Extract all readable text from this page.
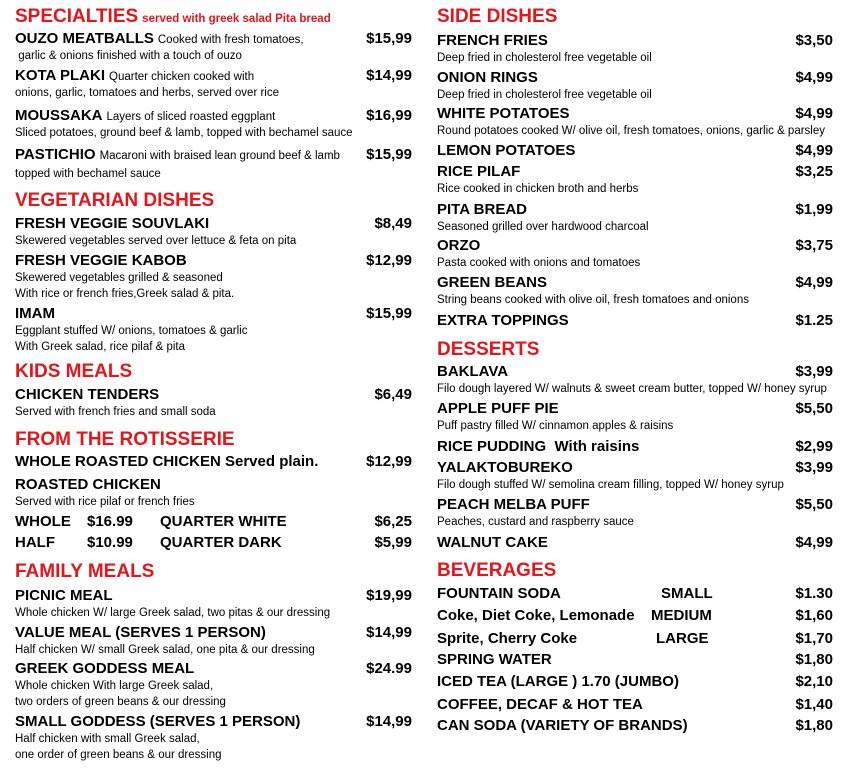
SPECIALTIES served with greek salad Pita bread
OUZO MEATBALLS Cooked with fresh tomatoes,	$15,99
garlic & onions finished with a touch of ouzo
KOTA PLAKI Quarter chicken cooked with	$14,99
onions, garlic, tomatoes and herbs, served over rice
MOUSSAKA Layers of sliced roasted eggplant	$16,99
Sliced potatoes, ground beef & lamb, topped with bechamel sauce
PASTICHIO Macaroni with braised lean ground beef & lamb $15,99
topped with bechamel sauce
VEGETARIAN DISHES
FRESH VEGGIE SOUVLAKI	$8,49
Skewered vegetables served over lettuce & feta on pita
FRESH VEGGIE KABOB	$12,99
Skewered vegetables grilled & seasoned
With rice or french fries,Greek salad & pita.
IMAM	$15,99
Eggplant stuffed W/ onions, tomatoes & garlic
With Greek salad, rice pilaf & pita
KIDS MEALS
CHICKEN TENDERS	$6,49
Served with french fries and small soda
FROM THE ROTISSERIE
WHOLE ROASTED CHICKEN Served plain.	$12,99
ROASTED CHICKEN
Served with rice pilaf or french fries
WHOLE $16.99 QUARTER WHITE	$6,25
HALF $10.99 QUARTER DARK	$5,99
FAMILY MEALS
PICNIC MEAL	$19,99
Whole chicken W/ large Greek salad, two pitas & our dressing
VALUE MEAL (SERVES 1 PERSON)	$14,99
Half chicken W/ small Greek salad, one pita & our dressing
GREEK GODDESS MEAL	$24.99
Whole chicken With large Greek salad,
two orders of green beans & our dressing
SMALL GODDESS (SERVES 1 PERSON)	$14,99
Half chicken with small Greek salad,
one order of green beans & our dressing
SIDE DISHES
FRENCH FRIES	$3,50
Deep fried in cholesterol free vegetable oil
ONION RINGS	$4,99
Deep fried in cholesterol free vegetable oil
WHITE POTATOES	$4,99
Round potatoes cooked W/ olive oil, fresh tomatoes, onions, garlic & parsley
LEMON POTATOES	$4,99
RICE PILAF	$3,25
Rice cooked in chicken broth and herbs
PITA BREAD	$1,99
Seasoned grilled over hardwood charcoal
ORZO	$3,75
Pasta cooked with onions and tomatoes
GREEN BEANS	$4,99
String beans cooked with olive oil, fresh tomatoes and onions
EXTRA TOPPINGS	$1.25
DESSERTS
BAKLAVA	$3,99
Filo dough layered W/ walnuts & sweet cream butter, topped W/ honey syrup
APPLE PUFF PIE	$5,50
Puff pastry filled W/ cinnamon apples & raisins
RICE PUDDING  With raisins	$2,99
YALAKTOBUREKO	$3,99
Filo dough stuffed W/ semolina cream filling, topped W/ honey syrup
PEACH MELBA PUFF	$5,50
Peaches, custard and raspberry sauce
WALNUT CAKE	$4,99
BEVERAGES
FOUNTAIN SODA	SMALL	$1.30
Coke, Diet Coke, Lemonade MEDIUM	$1,60
Sprite, Cherry Coke	LARGE	$1,70
SPRING WATER	$1,80
ICED TEA (LARGE ) 1.70 (JUMBO)	$2,10
COFFEE, DECAF & HOT TEA	$1,40
CAN SODA (VARIETY OF BRANDS)	$1,80
